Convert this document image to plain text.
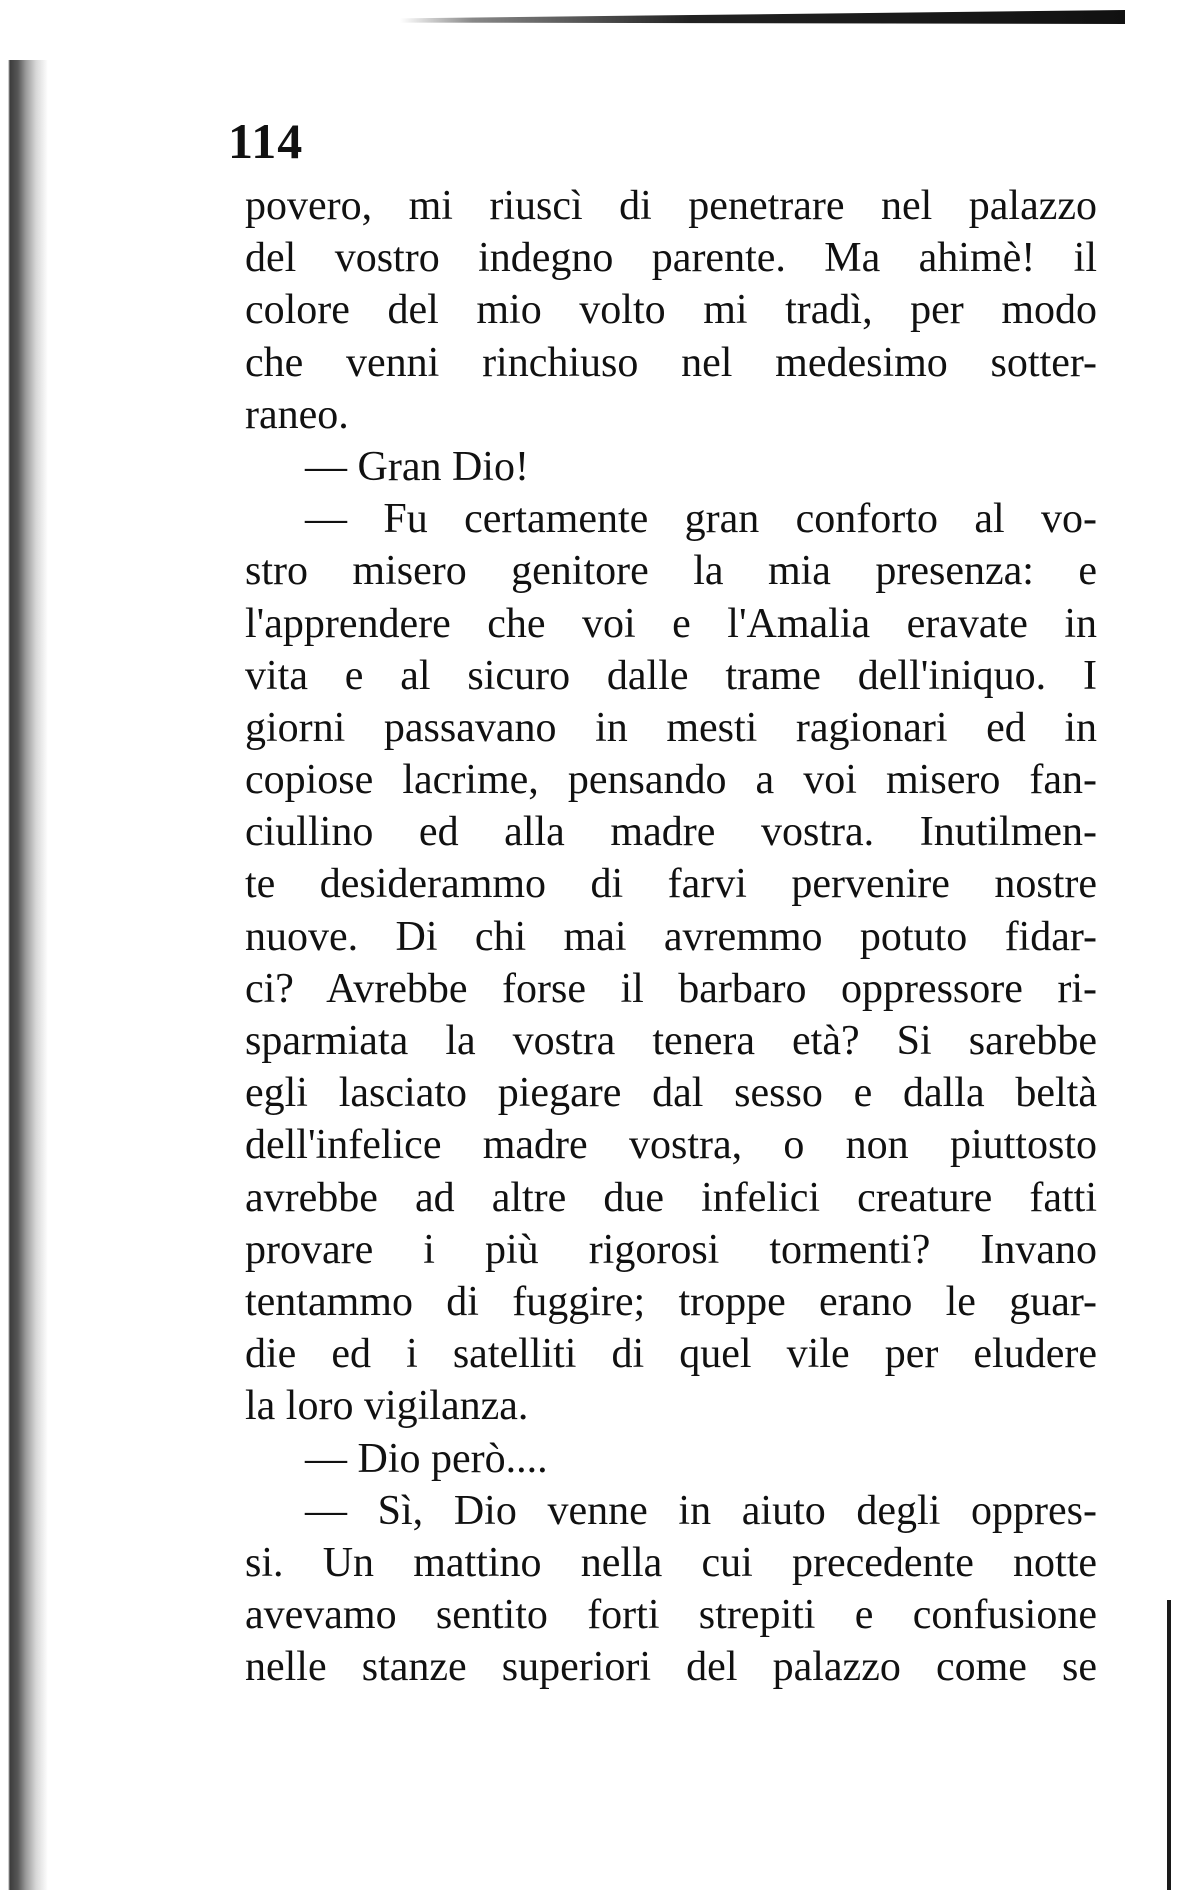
114
povero, mi riuscì di penetrare nel palazzo
del vostro indegno parente. Ma ahimè! il
colore del mio volto mi tradì, per modo
che venni rinchiuso nel medesimo sotter-
raneo.
— Gran Dio!
— Fu certamente gran conforto al vo-
stro misero genitore la mia presenza: e
l'apprendere che voi e l'Amalia eravate in
vita e al sicuro dalle trame dell'iniquo. I
giorni passavano in mesti ragionari ed in
copiose lacrime, pensando a voi misero fan-
ciullino ed alla madre vostra. Inutilmen-
te desiderammo di farvi pervenire nostre
nuove. Di chi mai avremmo potuto fidar-
ci? Avrebbe forse il barbaro oppressore ri-
sparmiata la vostra tenera età? Si sarebbe
egli lasciato piegare dal sesso e dalla beltà
dell'infelice madre vostra, o non piuttosto
avrebbe ad altre due infelici creature fatti
provare i più rigorosi tormenti? Invano
tentammo di fuggire; troppe erano le guar-
die ed i satelliti di quel vile per eludere
la loro vigilanza.
— Dio però....
— Sì, Dio venne in aiuto degli oppres-
si. Un mattino nella cui precedente notte
avevamo sentito forti strepiti e confusione
nelle stanze superiori del palazzo come se
